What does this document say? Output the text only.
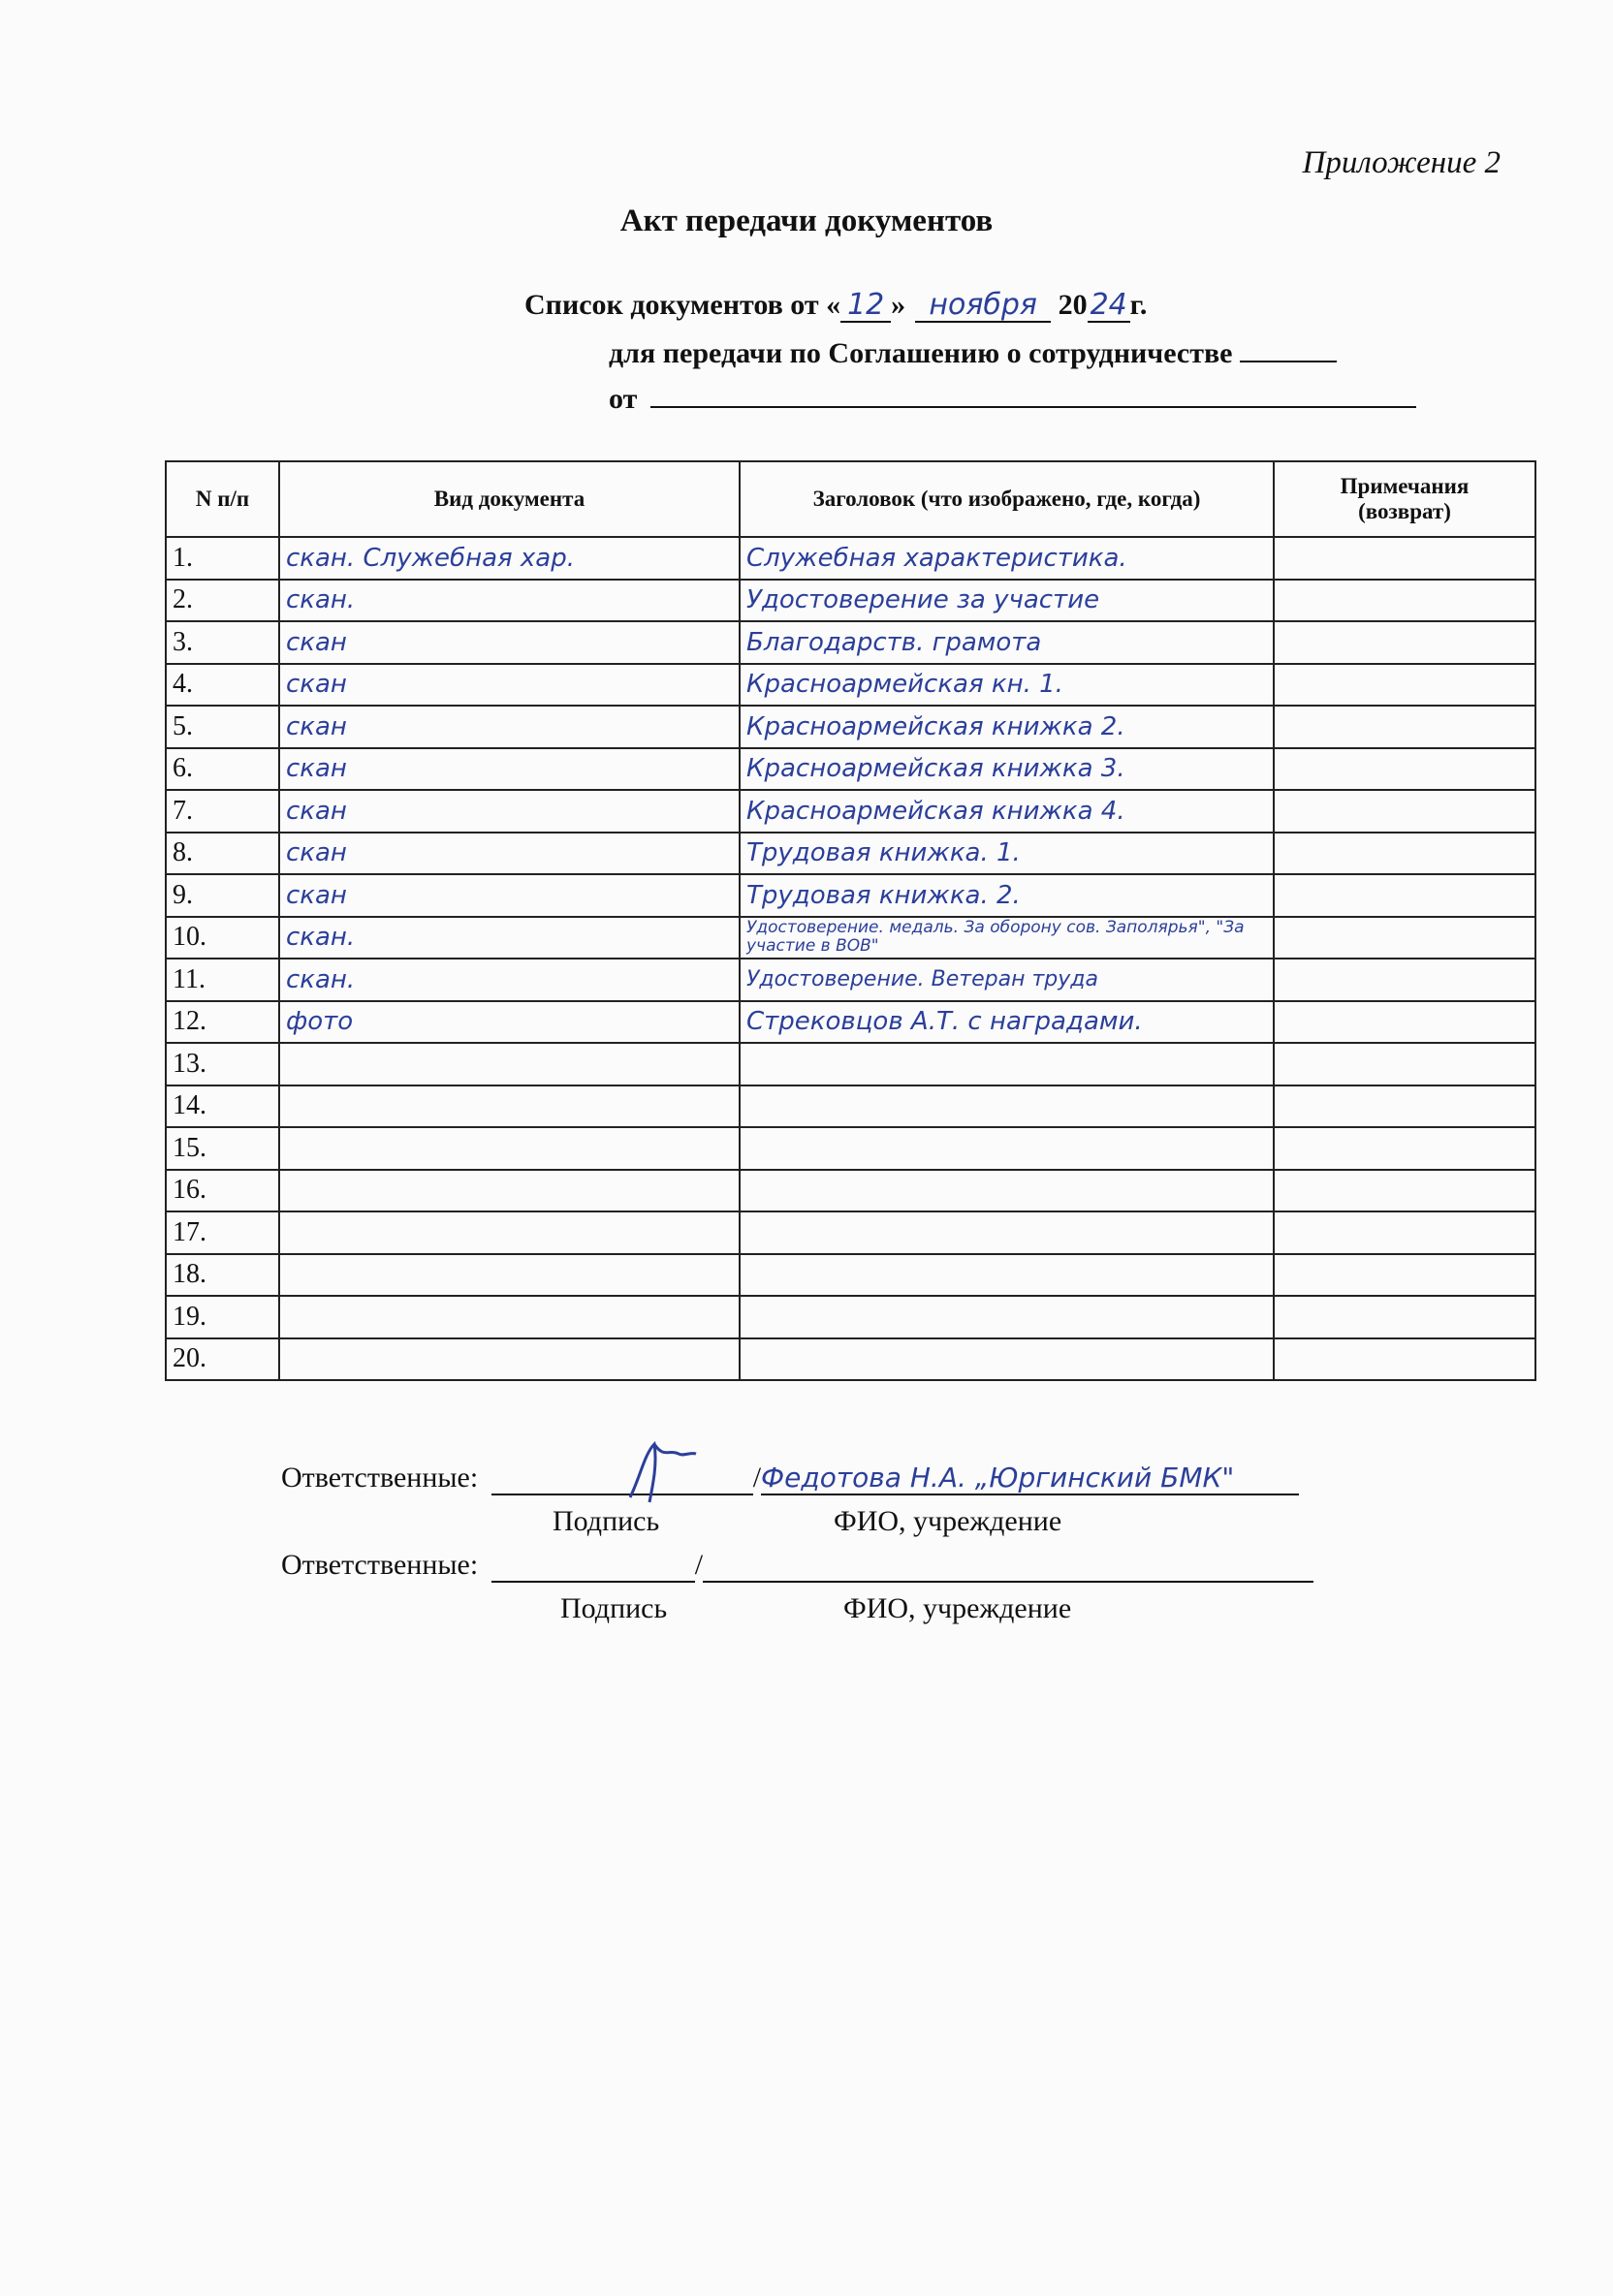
Приложение 2
Акт передачи документов
Список документов от « 12 » ноября 2024г.
для передачи по Соглашению о сотрудничестве
от
N п/п	Вид документа	Заголовок (что изображено, где, когда)	Примечания
(возврат)
1.	скан. Служебная хар.	Служебная характеристика.	
2.	скан.	Удостоверение за участие	
3.	скан	Благодарств. грамота	
4.	скан	Красноармейская кн. 1.	
5.	скан	Красноармейская книжка 2.	
6.	скан	Красноармейская книжка 3.	
7.	скан	Красноармейская книжка 4.	
8.	скан	Трудовая книжка. 1.	
9.	скан	Трудовая книжка. 2.	
10.	скан.	Удостоверение. медаль. За оборону сов. Заполярья", "За участие в ВОВ"	
11.	скан.	Удостоверение. Ветеран труда	
12.	фото	Стрековцов А.Т. с наградами.	
13.			
14.			
15.			
16.			
17.			
18.			
19.			
20.			
Ответственные:	/Федотова Н.А. „Юргинский БМК"
Подпись	ФИО, учреждение
Ответственные:	/
Подпись	ФИО, учреждение
